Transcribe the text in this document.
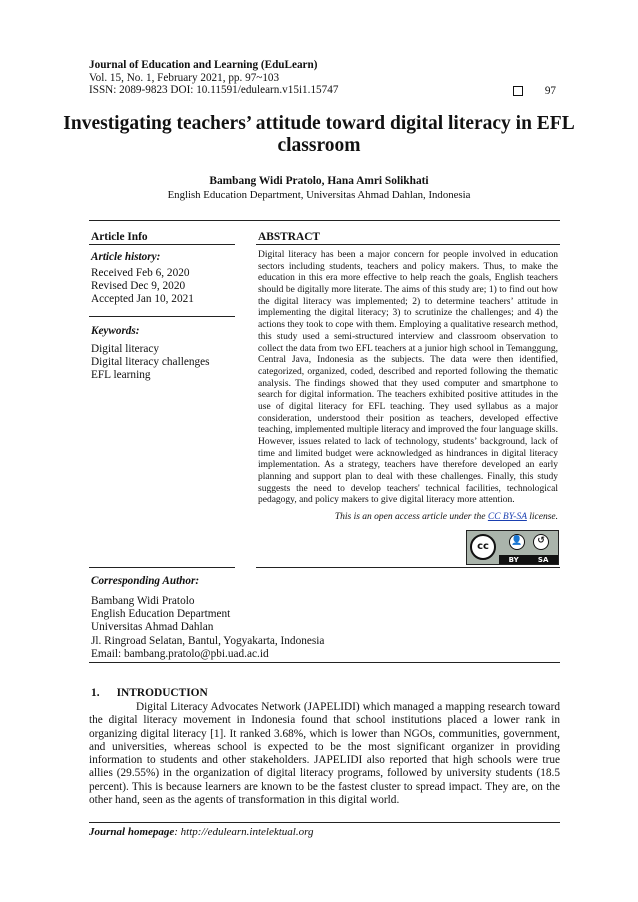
Journal of Education and Learning (EduLearn)
Vol. 15, No. 1, February 2021, pp. 97~103
ISSN: 2089-9823 DOI: 10.11591/edulearn.v15i1.15747	97
Investigating teachers’ attitude toward digital literacy in EFL classroom
Bambang Widi Pratolo, Hana Amri Solikhati
English Education Department, Universitas Ahmad Dahlan, Indonesia
Article Info
Article history:
Received Feb 6, 2020
Revised Dec 9, 2020
Accepted Jan 10, 2021
Keywords:
Digital literacy
Digital literacy challenges
EFL learning
ABSTRACT
Digital literacy has been a major concern for people involved in education sectors including students, teachers and policy makers. Thus, to make the education in this era more effective to help reach the goals, English teachers should be digitally more literate. The aims of this study are; 1) to find out how the digital literacy was implemented; 2) to determine teachers’ attitude in implementing the digital literacy; 3) to scrutinize the challenges; and 4) the actions they took to cope with them. Employing a qualitative research method, this study used a semi-structured interview and classroom observation to collect the data from two EFL teachers at a junior high school in Temanggung, Central Java, Indonesia as the subjects. The data were then identified, categorized, organized, coded, described and reported following the thematic analysis. The findings showed that they used computer and smartphone to search for digital information. The teachers exhibited positive attitudes in the use of digital literacy for EFL teaching. They used syllabus as a major consideration, understood their position as teachers, developed effective teaching, implemented multiple literacy and improved the four language skills. However, issues related to lack of technology, students’ background, lack of time and limited budget were acknowledged as hindrances in digital literacy implementation. As a strategy, teachers have therefore developed an early planning and support plan to deal with these challenges. Finally, this study suggests the need to develop teachers' technical facilities, technological pedagogy, and policy makers to give digital literacy more attention.
This is an open access article under the CC BY-SA license.
cc	👤	↺
BY	SA
Corresponding Author:
Bambang Widi Pratolo
English Education Department
Universitas Ahmad Dahlan
Jl. Ringroad Selatan, Bantul, Yogyakarta, Indonesia
Email: bambang.pratolo@pbi.uad.ac.id
1.      INTRODUCTION
Digital Literacy Advocates Network (JAPELIDI) which managed a mapping research toward the digital literacy movement in Indonesia found that school institutions placed a lower rank in organizing digital literacy [1]. It ranked 3.68%, which is lower than NGOs, communities, government, and universities, whereas school is expected to be the most significant organizer in providing information to students and other stakeholders. JAPELIDI also reported that high schools were true allies (29.55%) in the organization of digital literacy programs, followed by university students (18.5 percent). This is because learners are known to be the fastest cluster to spread impact. They are, on the other hand, seen as the agents of transformation in this digital world.
Journal homepage: http://edulearn.intelektual.org
